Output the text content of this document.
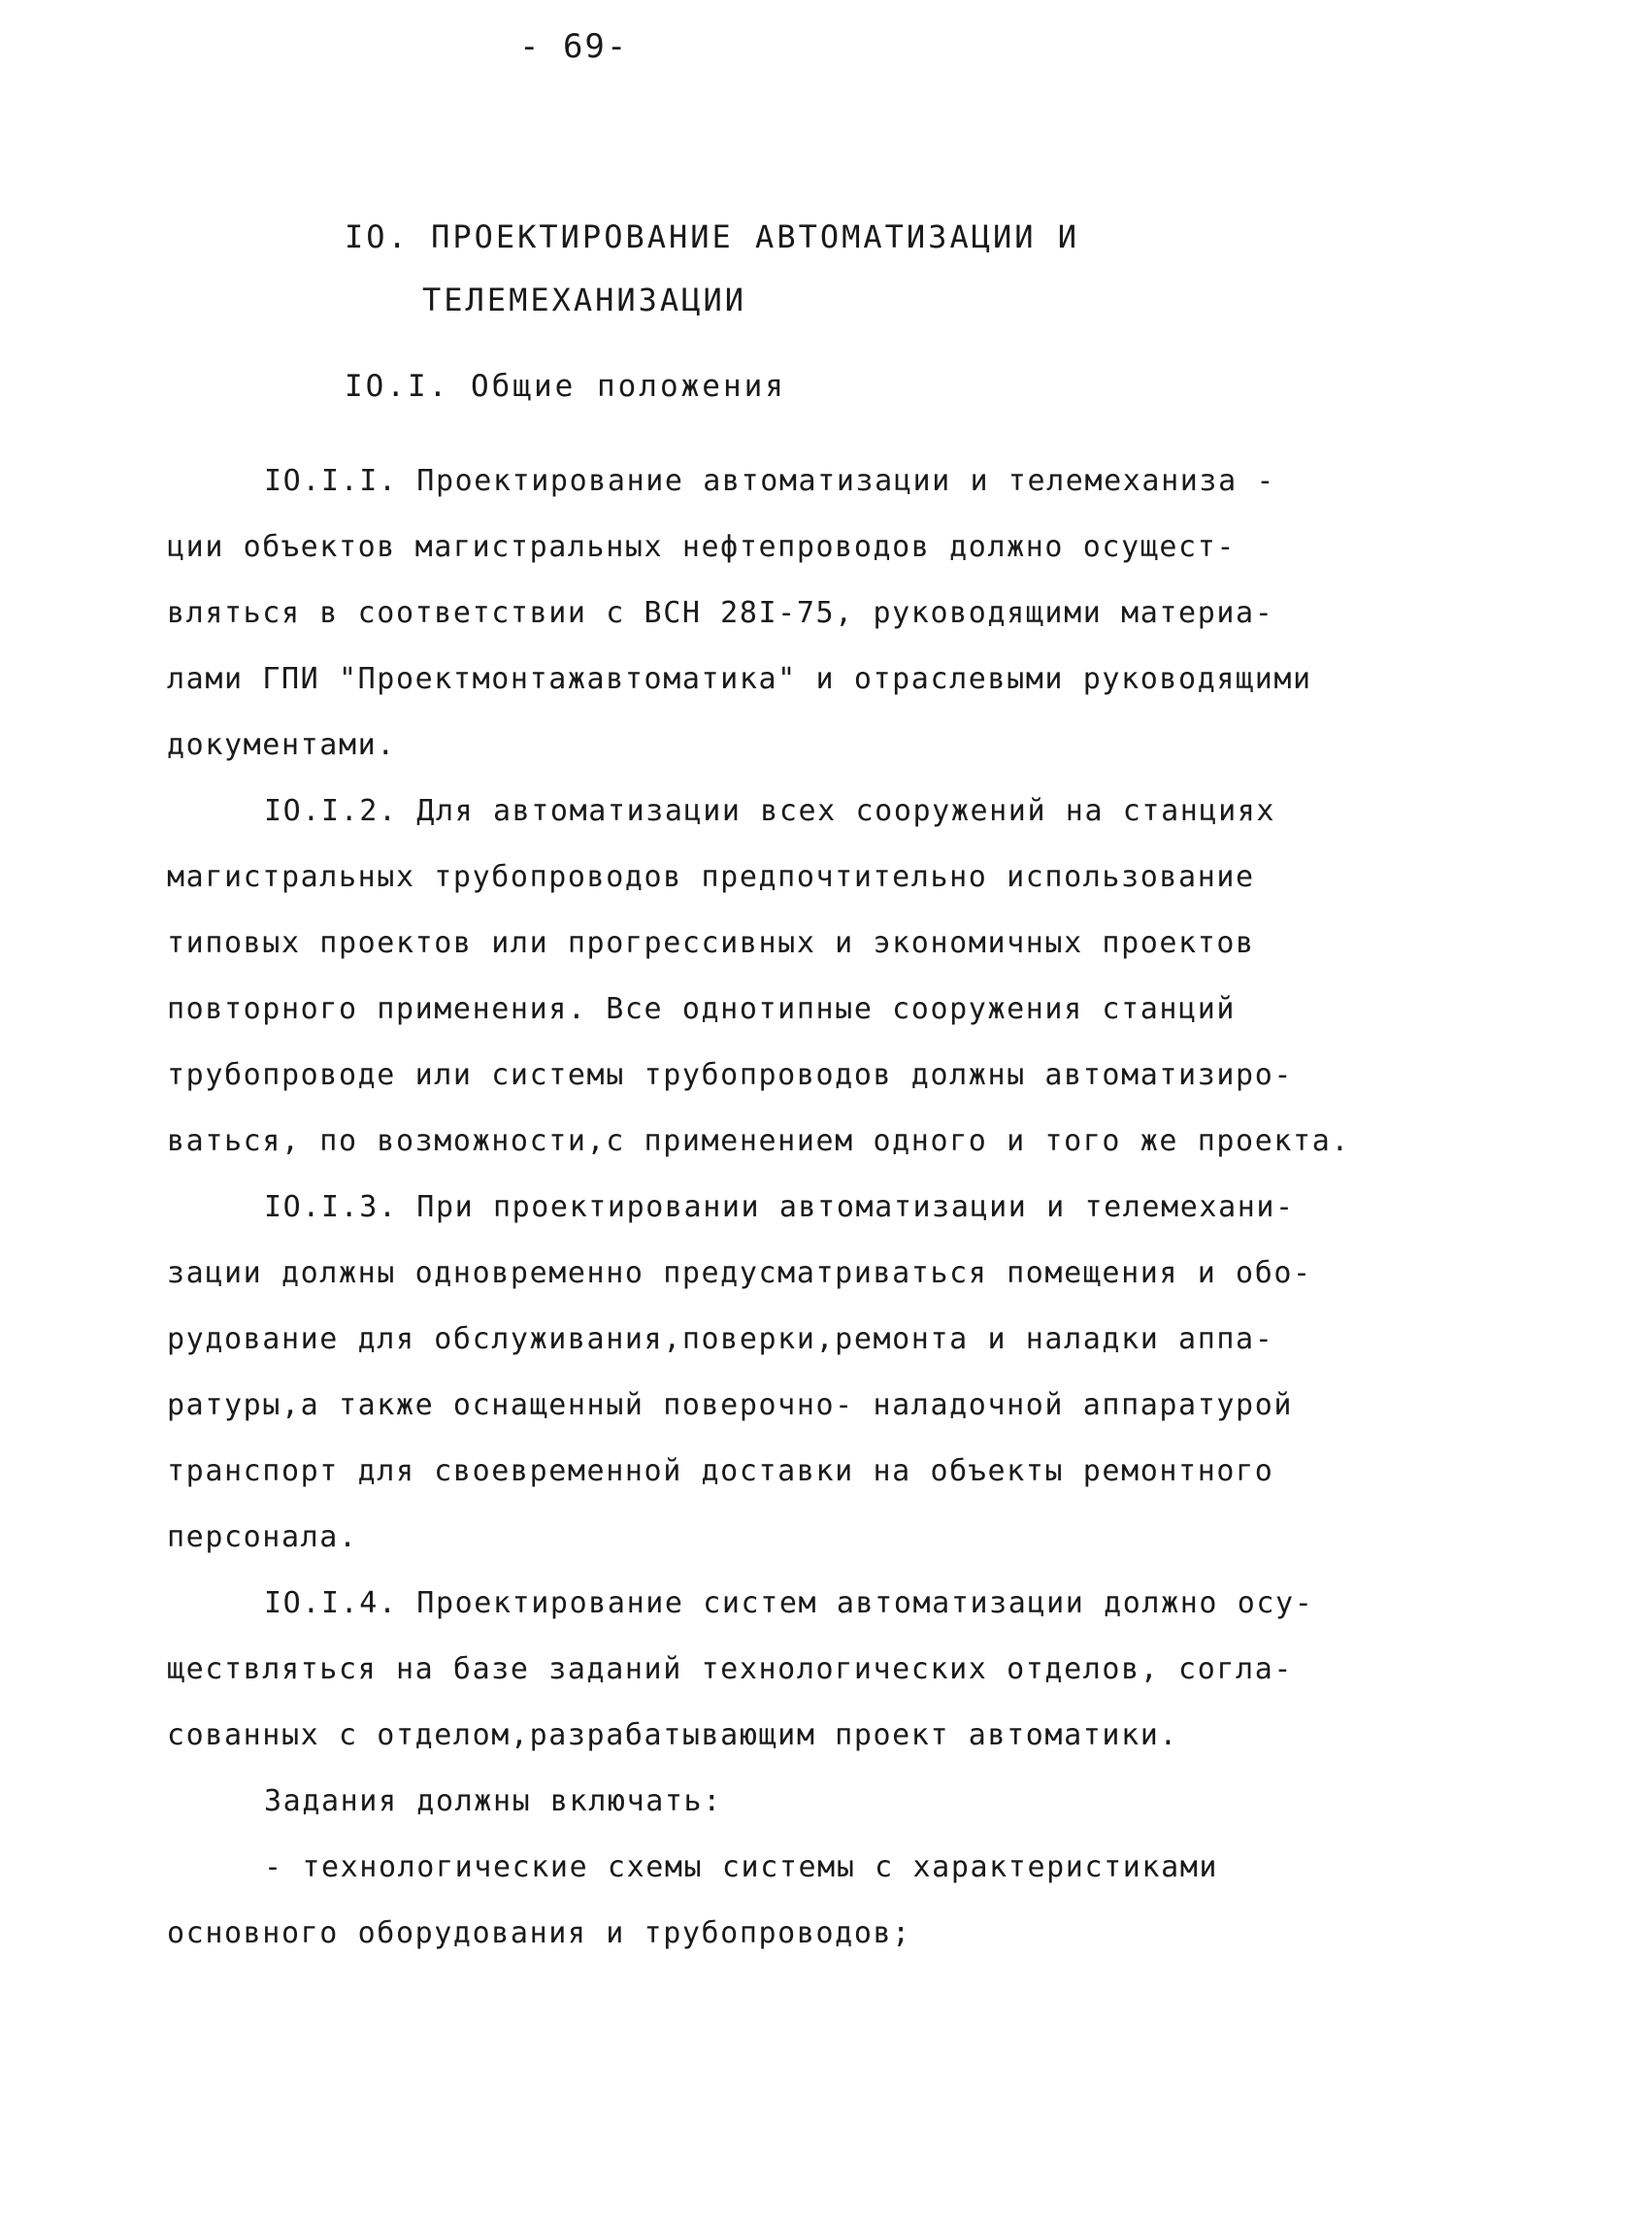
- 69-
IO. ПРОЕКТИРОВАНИЕ АВТОМАТИЗАЦИИ И
ТЕЛЕМЕХАНИЗАЦИИ
IO.I. Общие положения
IO.I.I. Проектирование автоматизации и телемеханиза -
ции объектов магистральных нефтепроводов должно осущест-
вляться в соответствии с ВСН 28I-75, руководящими материа-
лами ГПИ "Проектмонтажавтоматика" и отраслевыми руководящими
документами.
IO.I.2. Для автоматизации всех сооружений на станциях
магистральных трубопроводов предпочтительно использование
типовых проектов или прогрессивных и экономичных проектов
повторного применения. Все однотипные сооружения станций
трубопроводе или системы трубопроводов должны автоматизиро-
ваться, по возможности,с применением одного и того же проекта.
IO.I.3. При проектировании автоматизации и телемехани-
зации должны одновременно предусматриваться помещения и обо-
рудование для обслуживания,поверки,ремонта и наладки аппа-
ратуры,а также оснащенный поверочно- наладочной аппаратурой
транспорт для своевременной доставки на объекты ремонтного
персонала.
IO.I.4. Проектирование систем автоматизации должно осу-
ществляться на базе заданий технологических отделов, согла-
сованных с отделом,разрабатывающим проект автоматики.
Задания должны включать:
- технологические схемы системы с характеристиками
основного оборудования и трубопроводов;
